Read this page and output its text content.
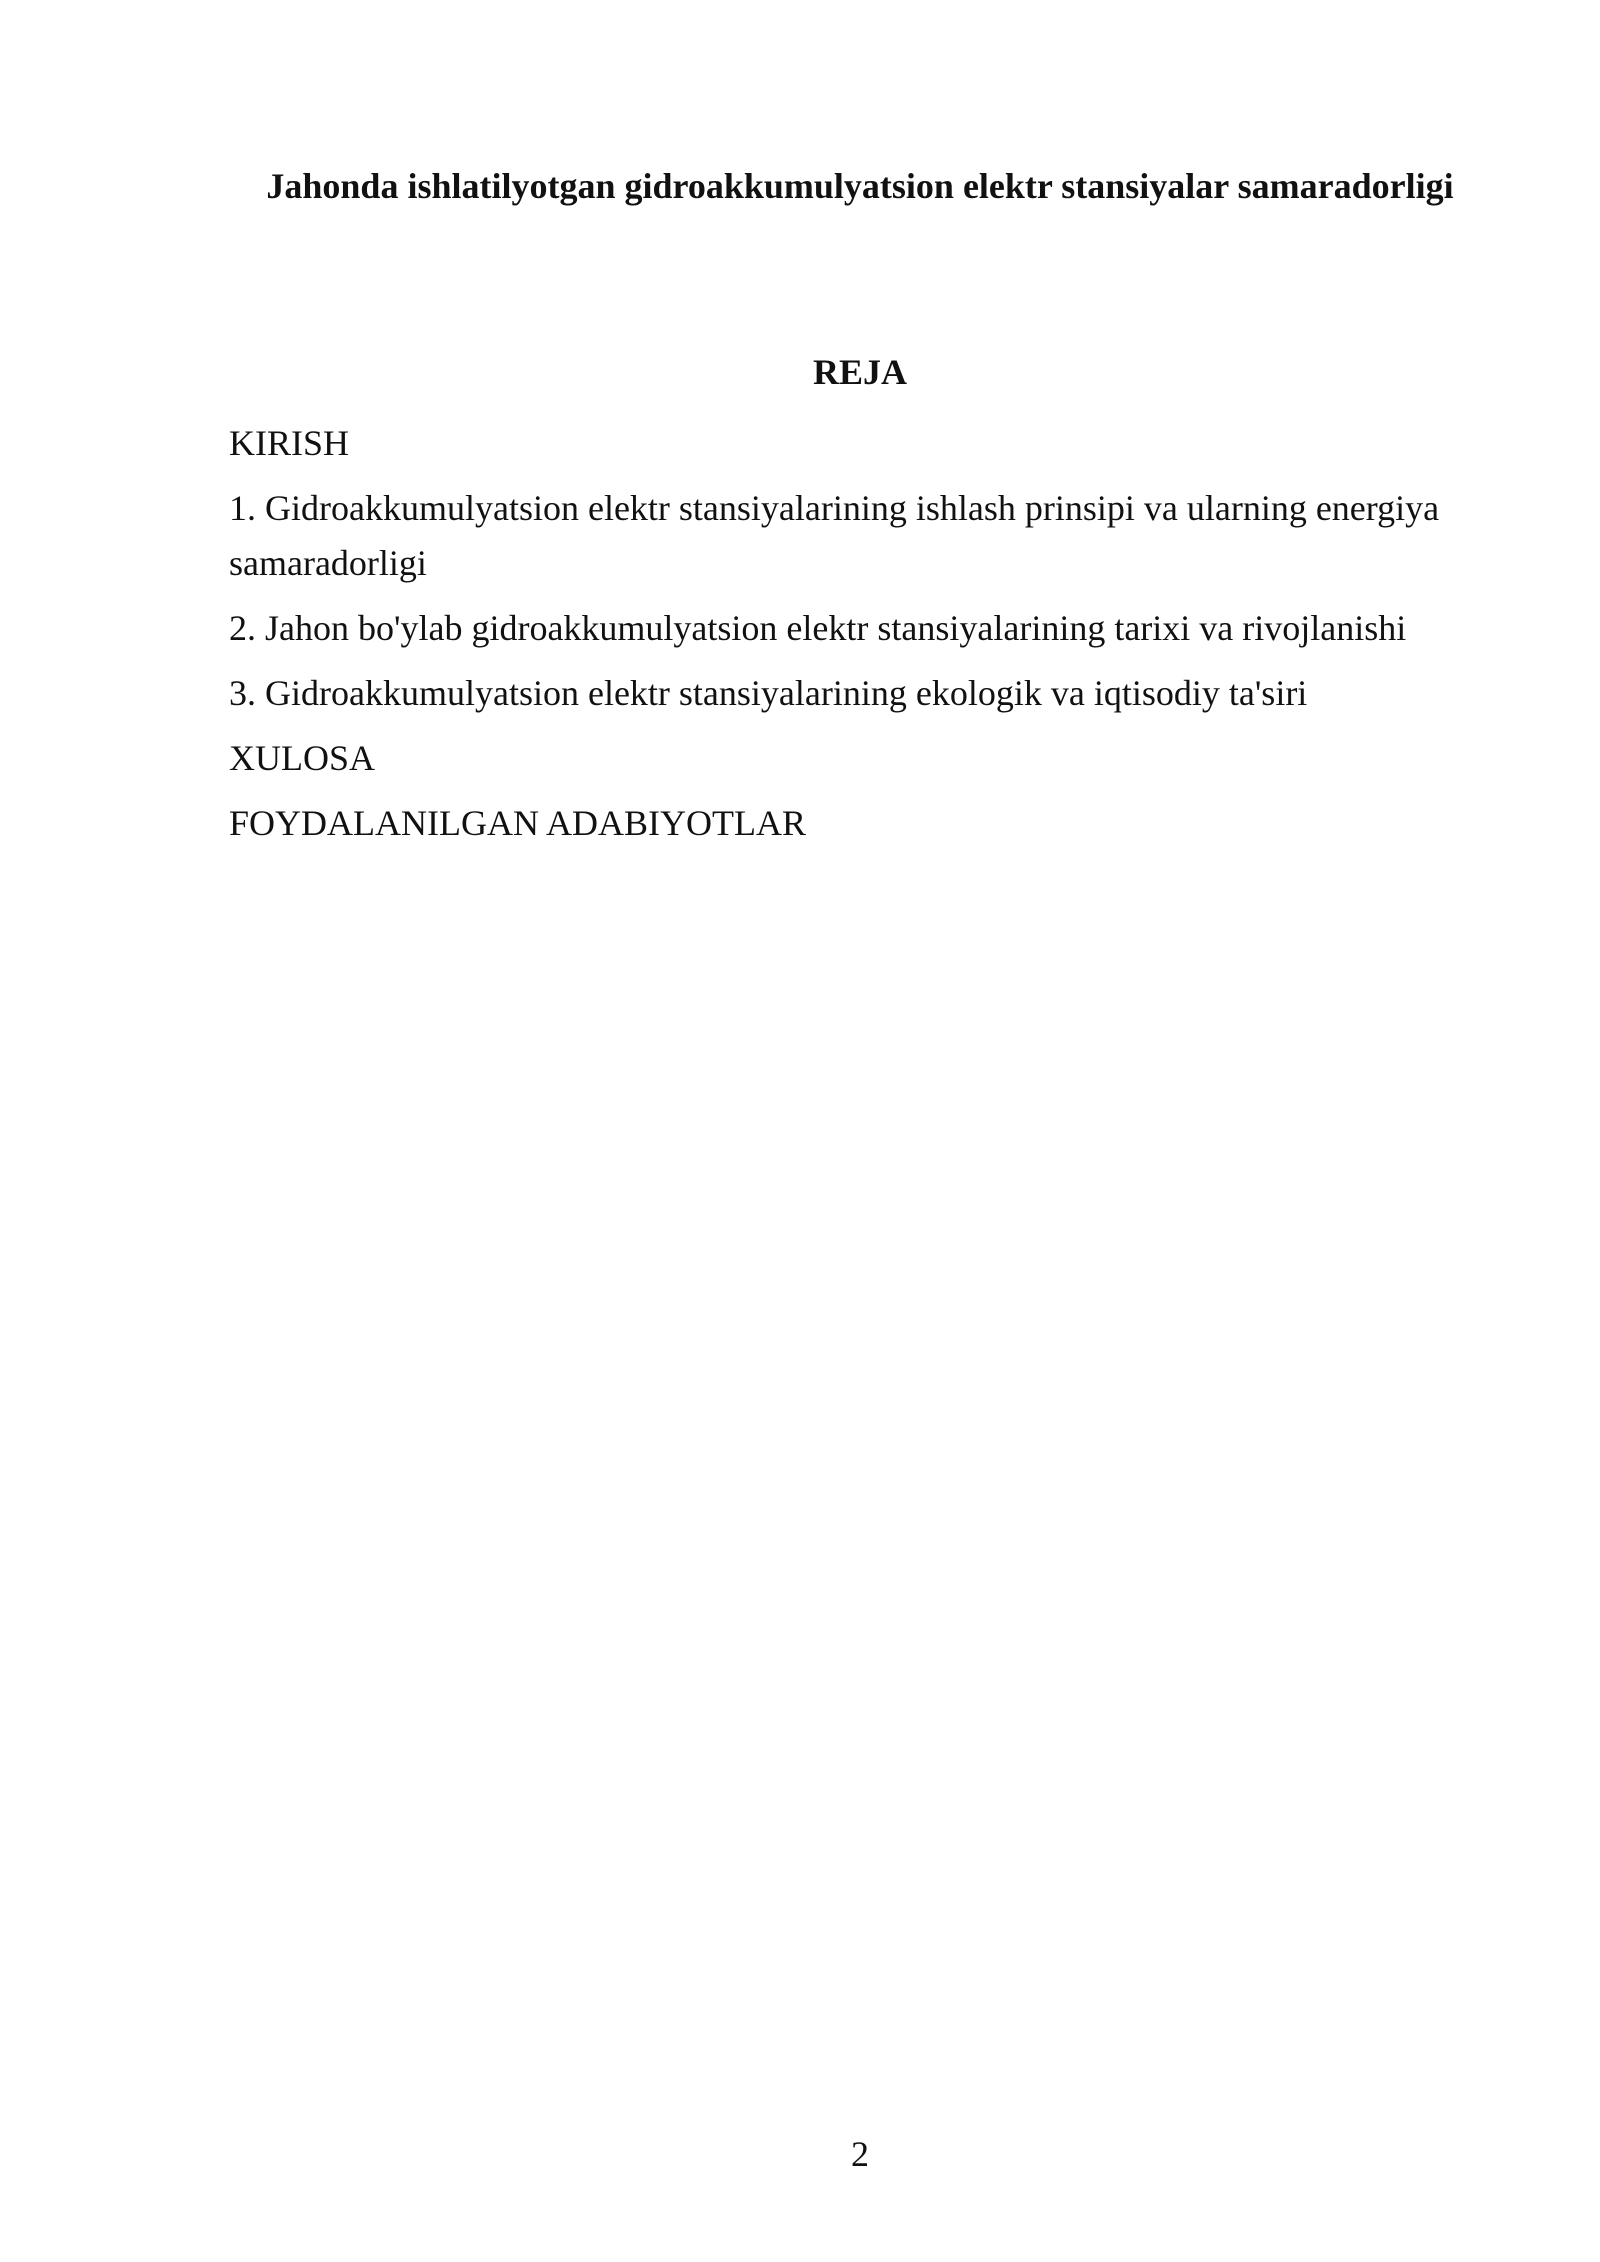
Jahonda ishlatilyotgan gidroakkumulyatsion elektr stansiyalar samaradorligi
REJA
KIRISH
1. Gidroakkumulyatsion elektr stansiyalarining ishlash prinsipi va ularning energiya samaradorligi
2. Jahon bo'ylab gidroakkumulyatsion elektr stansiyalarining tarixi va rivojlanishi
3. Gidroakkumulyatsion elektr stansiyalarining ekologik va iqtisodiy ta'siri
XULOSA
FOYDALANILGAN ADABIYOTLAR
2
